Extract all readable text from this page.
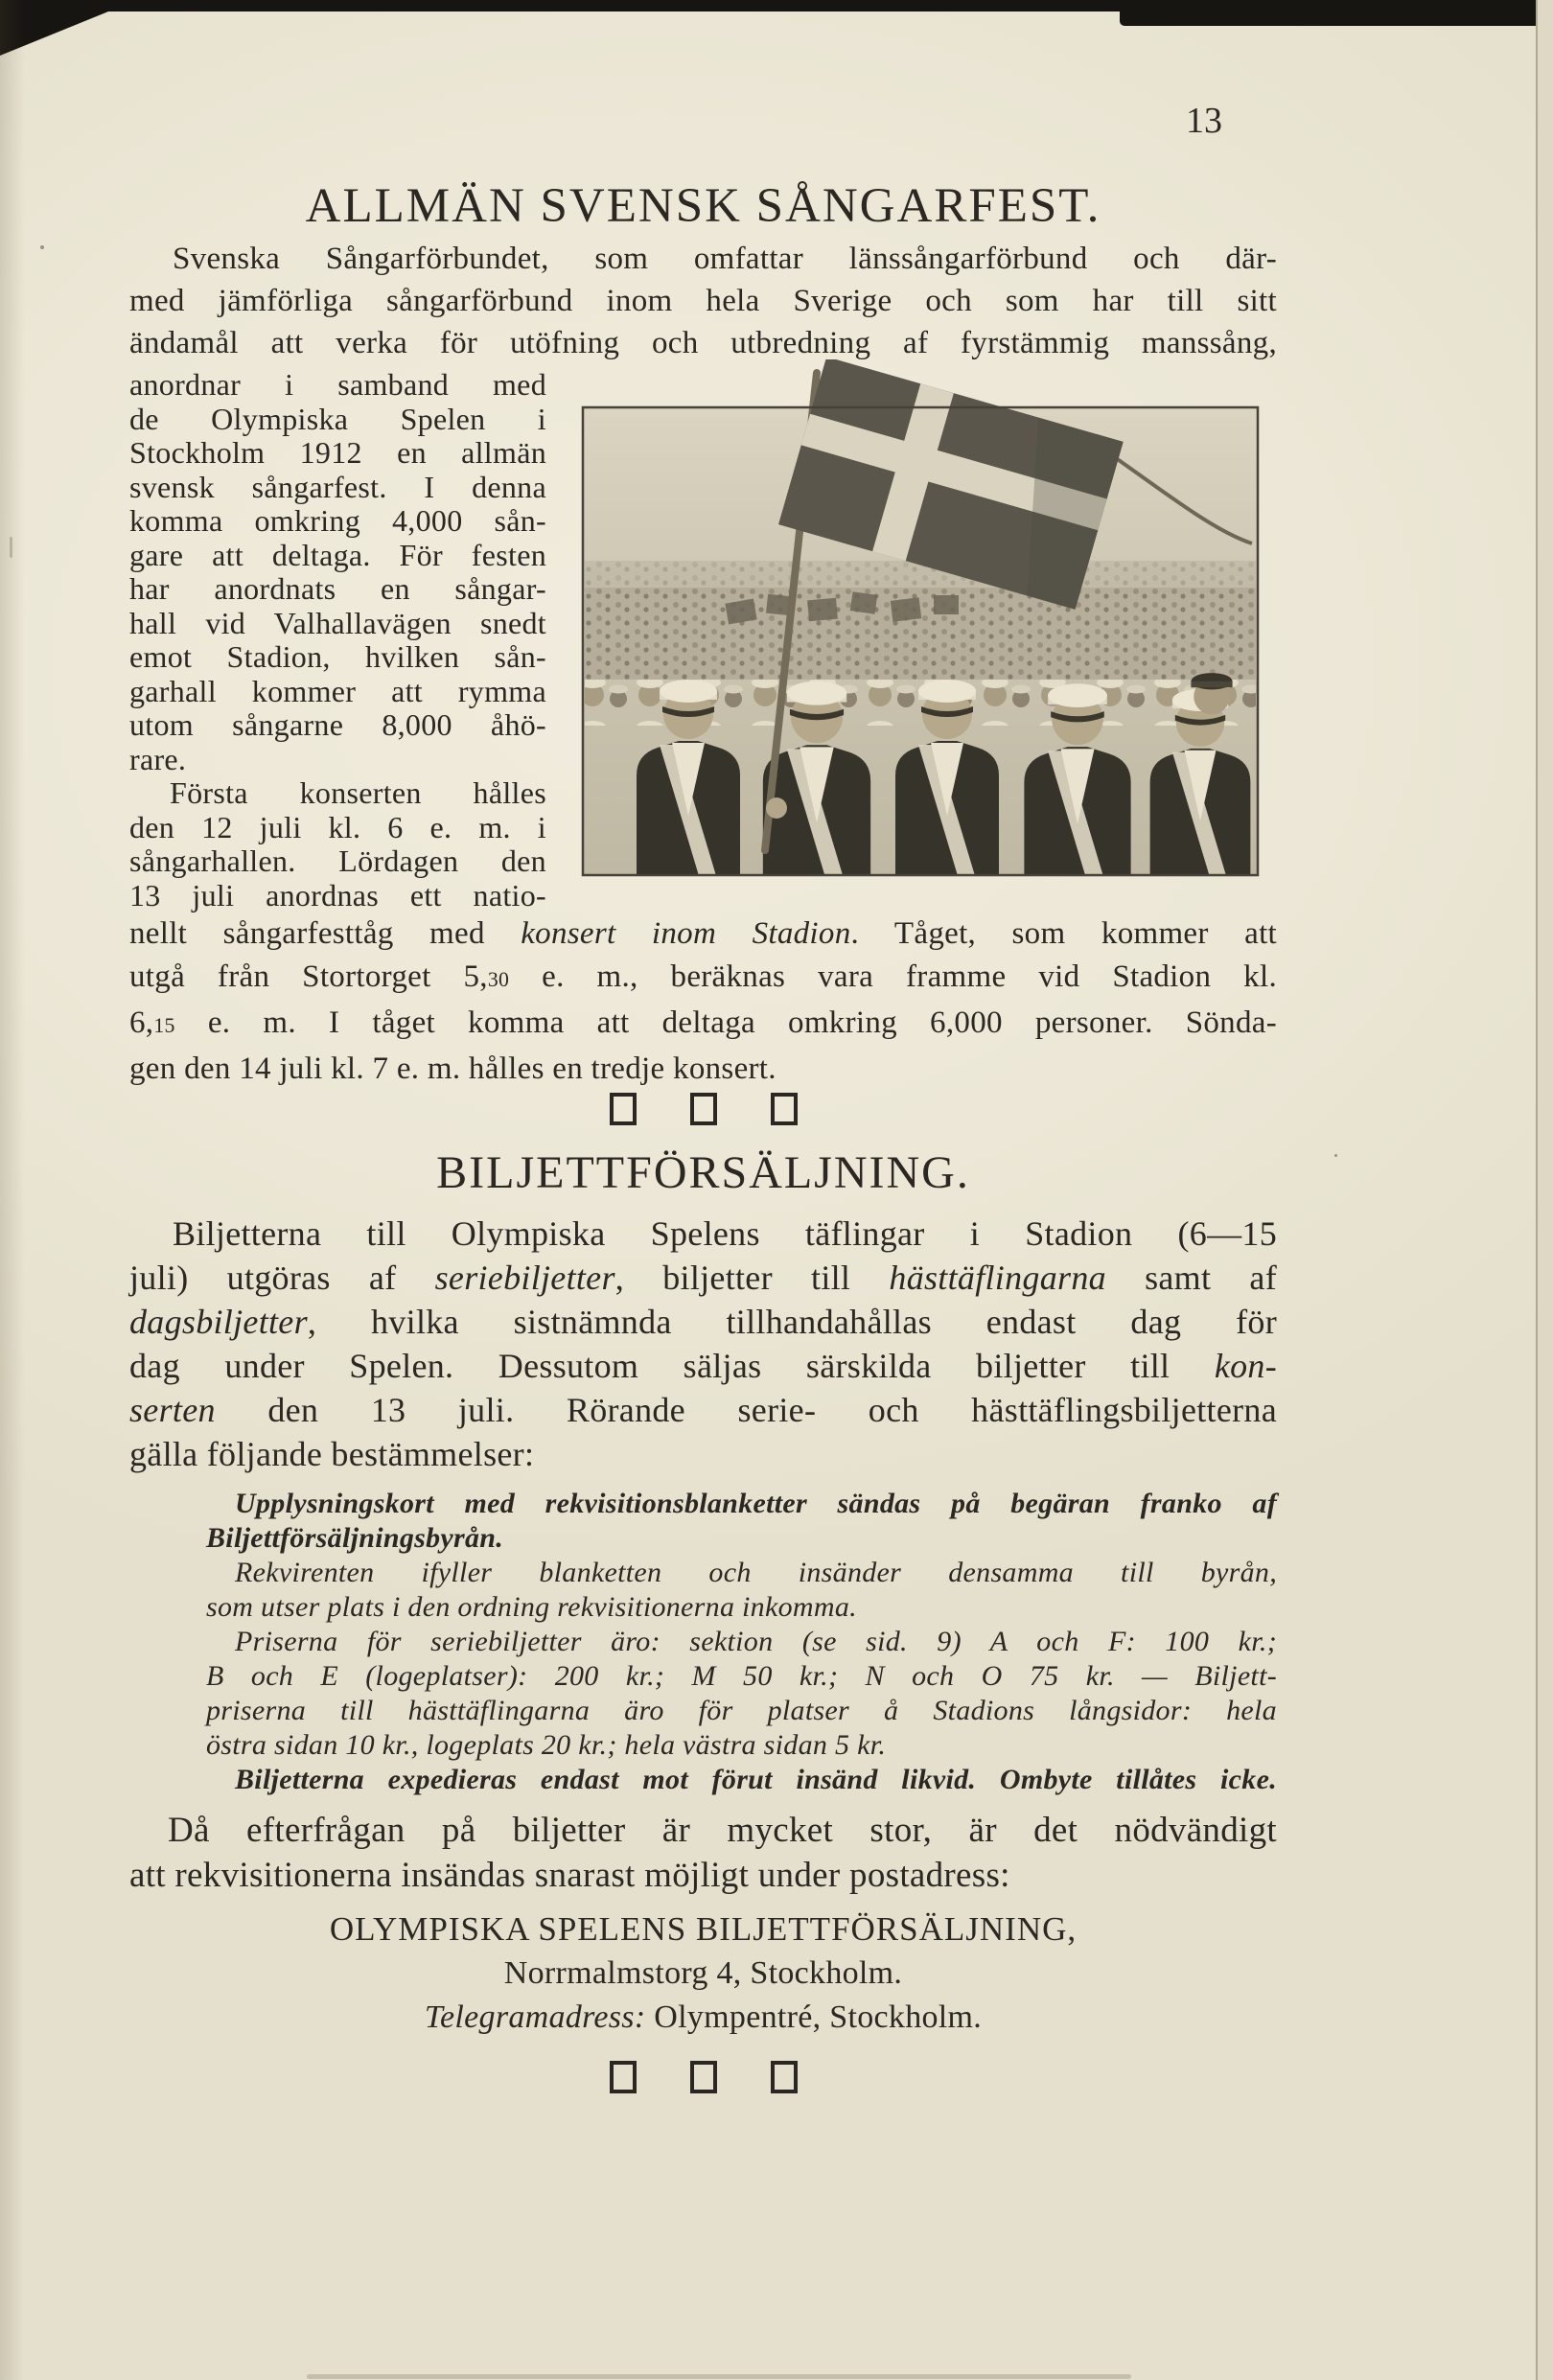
13
ALLMÄN SVENSK SÅNGARFEST.
Svenska Sångarförbundet, som omfattar länssångarförbund och där-
med jämförliga sångarförbund inom hela Sverige och som har till sitt
ändamål att verka för utöfning och utbredning af fyrstämmig manssång,
anordnar i samband med
de Olympiska Spelen i
Stockholm 1912 en allmän
svensk sångarfest. I denna
komma omkring 4,000 sån-
gare att deltaga. För festen
har anordnats en sångar-
hall vid Valhallavägen snedt
emot Stadion, hvilken sån-
garhall kommer att rymma
utom sångarne 8,000 åhö-
rare.
Första konserten hålles
den 12 juli kl. 6 e. m. i
sångarhallen. Lördagen den
13 juli anordnas ett natio-
nellt sångarfesttåg med konsert inom Stadion. Tåget, som kommer att
utgå från Stortorget 5,30 e. m., beräknas vara framme vid Stadion kl.
6,15 e. m. I tåget komma att deltaga omkring 6,000 personer. Sönda-
gen den 14 juli kl. 7 e. m. hålles en tredje konsert.
BILJETTFÖRSÄLJNING.
Biljetterna till Olympiska Spelens täflingar i Stadion (6—15
juli) utgöras af seriebiljetter, biljetter till hästtäflingarna samt af
dagsbiljetter, hvilka sistnämnda tillhandahållas endast dag för
dag under Spelen. Dessutom säljas särskilda biljetter till kon-
serten den 13 juli. Rörande serie- och hästtäflingsbiljetterna
gälla följande bestämmelser:
Upplysningskort med rekvisitionsblanketter sändas på begäran franko af
Biljettförsäljningsbyrån.
Rekvirenten ifyller blanketten och insänder densamma till byrån,
som utser plats i den ordning rekvisitionerna inkomma.
Priserna för seriebiljetter äro: sektion (se sid. 9) A och F: 100 kr.;
B och E (logeplatser): 200 kr.; M 50 kr.; N och O 75 kr. — Biljett-
priserna till hästtäflingarna äro för platser å Stadions långsidor: hela
östra sidan 10 kr., logeplats 20 kr.; hela västra sidan 5 kr.
Biljetterna expedieras endast mot förut insänd likvid. Ombyte tillåtes icke.
Då efterfrågan på biljetter är mycket stor, är det nödvändigt
att rekvisitionerna insändas snarast möjligt under postadress:
OLYMPISKA SPELENS BILJETTFÖRSÄLJNING,
Norrmalmstorg 4, Stockholm.
Telegramadress: Olympentré, Stockholm.
